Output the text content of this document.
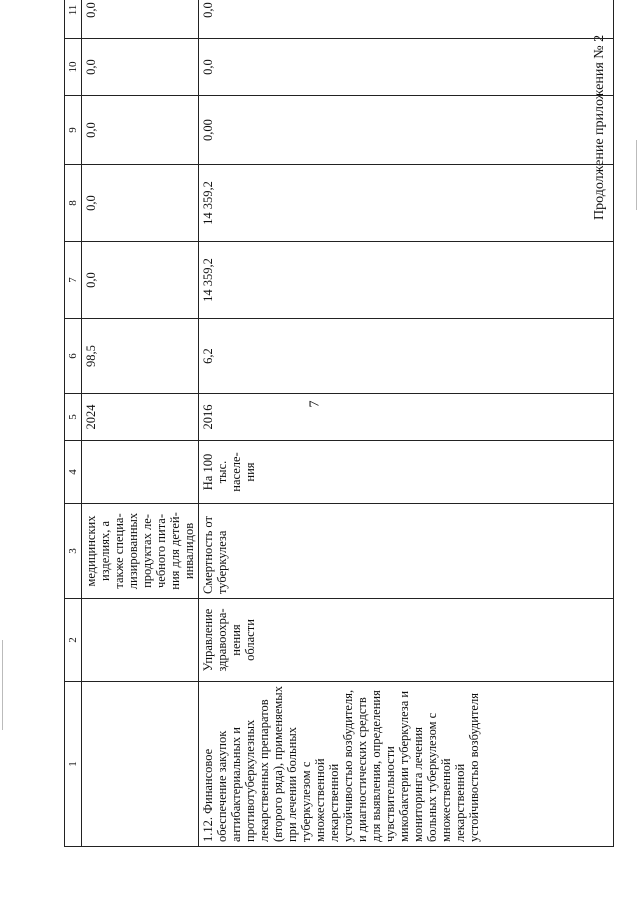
7
Продолжение приложения № 2
1	2	3	4	5	6	7	8	9	10	11
		медицинских изделиях, а также специа-лизированных продуктах ле-чебного пита-ния для детей-инвалидов		2024	98,5	0,0	0,0	0,0	0,0	0,0
1.12. Финансовое обеспечение закупок антибактериальных и противотуберкулезных лекарственных препаратов (второго ряда), применяемых при лечении больных туберкулезом с множественной лекарственной устойчивостью возбудителя, и диагностических средств для выявления, определения чувствительности микобактерии туберкулеза и мониторинга лечения больных туберкулезом с множественной лекарственной устойчивостью возбудителя	Управление здравоохра-нения области	Смертность от туберкулеза	На 100 тыс. населе-ния	2016	6,2	14 359,2	14 359,2	0,00	0,0	0,0
